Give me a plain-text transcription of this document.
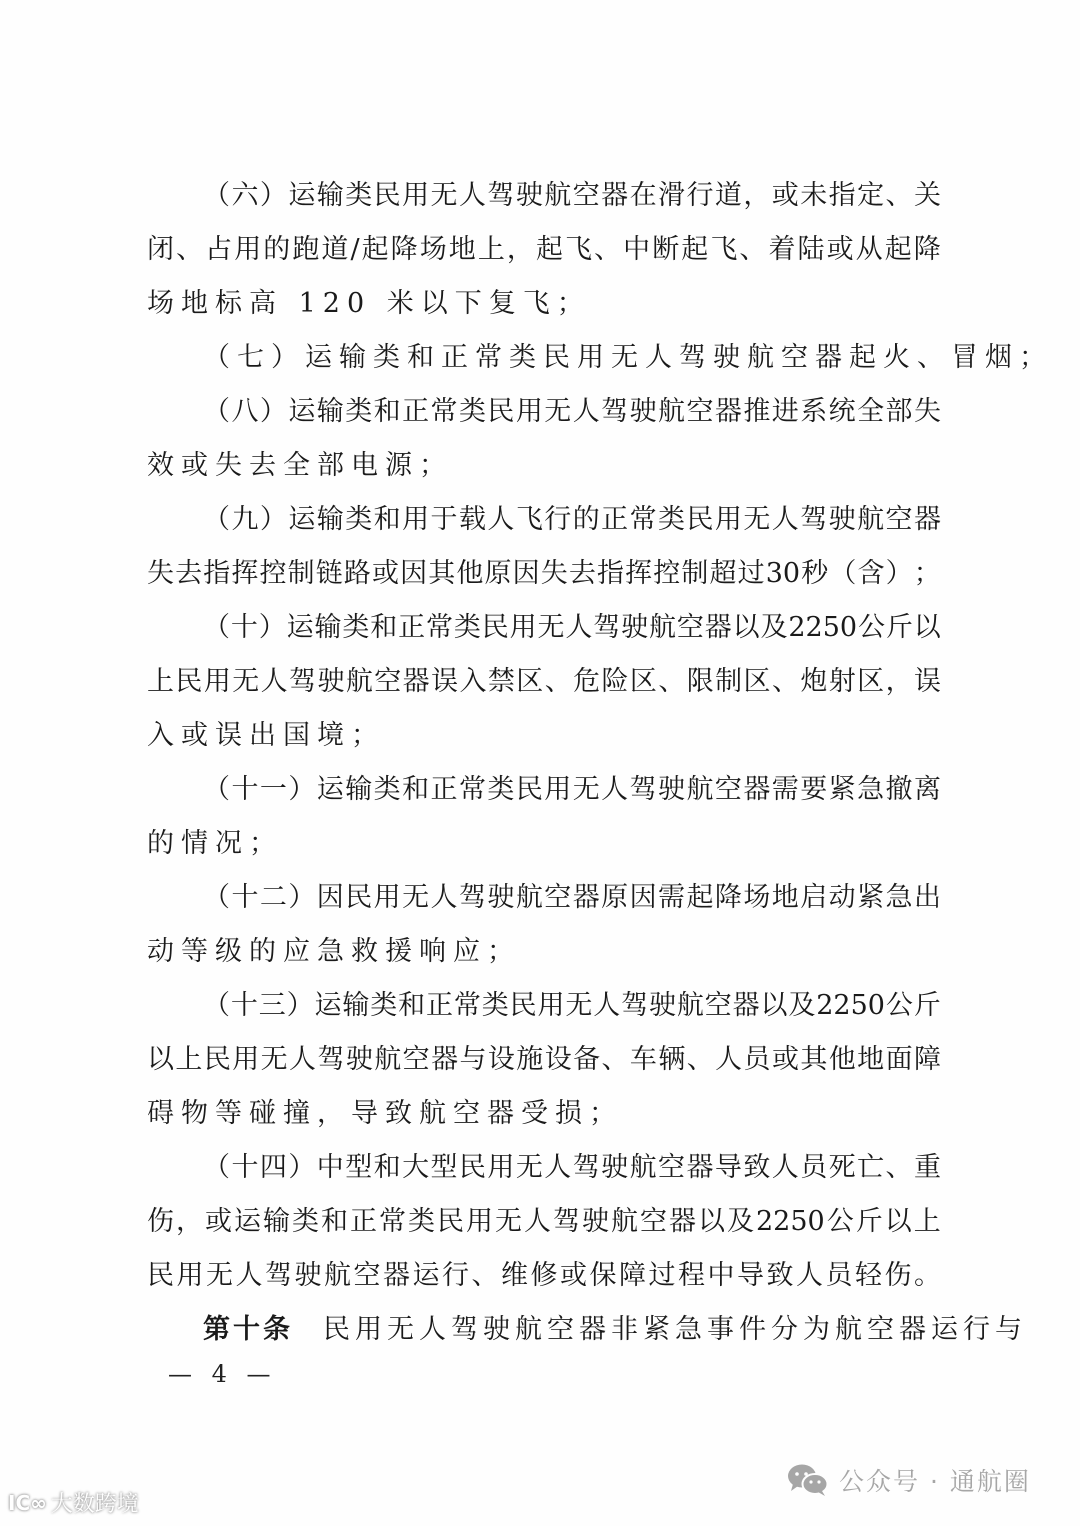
（ 六 ） 运 输 类 民 用 无 人 驾 驶 航 空 器 在 滑 行 道 ， 或 未 指 定 、 关
闭 、 占 用 的 跑 道 / 起 降 场 地 上 ， 起 飞 、 中 断 起 飞 、 着 陆 或 从 起 降
场地标高 120 米以下复飞；
（七）运输类和正常类民用无人驾驶航空器起火、冒烟；
（ 八 ） 运 输 类 和 正 常 类 民 用 无 人 驾 驶 航 空 器 推 进 系 统 全 部 失
效或失去全部电源；
（ 九 ） 运 输 类 和 用 于 载 人 飞 行 的 正 常 类 民 用 无 人 驾 驶 航 空 器
失 去 指 挥 控 制 链 路 或 因 其 他 原 因 失 去 指 挥 控 制 超 过 30 秒 （ 含 ） ；
（ 十 ） 运 输 类 和 正 常 类 民 用 无 人 驾 驶 航 空 器 以 及 2250 公 斤 以
上 民 用 无 人 驾 驶 航 空 器 误 入 禁 区 、 危 险 区 、 限 制 区 、 炮 射 区 ， 误
入或误出国境；
（ 十 一 ） 运 输 类 和 正 常 类 民 用 无 人 驾 驶 航 空 器 需 要 紧 急 撤 离
的情况；
（ 十 二 ） 因 民 用 无 人 驾 驶 航 空 器 原 因 需 起 降 场 地 启 动 紧 急 出
动等级的应急救援响应；
（ 十 三 ） 运 输 类 和 正 常 类 民 用 无 人 驾 驶 航 空 器 以 及 2250 公 斤
以 上 民 用 无 人 驾 驶 航 空 器 与 设 施 设 备 、 车 辆 、 人 员 或 其 他 地 面 障
碍物等碰撞，导致航空器受损；
（ 十 四 ） 中 型 和 大 型 民 用 无 人 驾 驶 航 空 器 导 致 人 员 死 亡 、 重
伤 ， 或 运 输 类 和 正 常 类 民 用 无 人 驾 驶 航 空 器 以 及 2250 公 斤 以 上
民 用 无 人 驾 驶 航 空 器 运 行 、 维 修 或 保 障 过 程 中 导 致 人 员 轻 伤 。
第十条 民用无人驾驶航空器非紧急事件分为航空器运行与
— 4 —
公众号 · 通航圈
IC∞ 大数跨境
